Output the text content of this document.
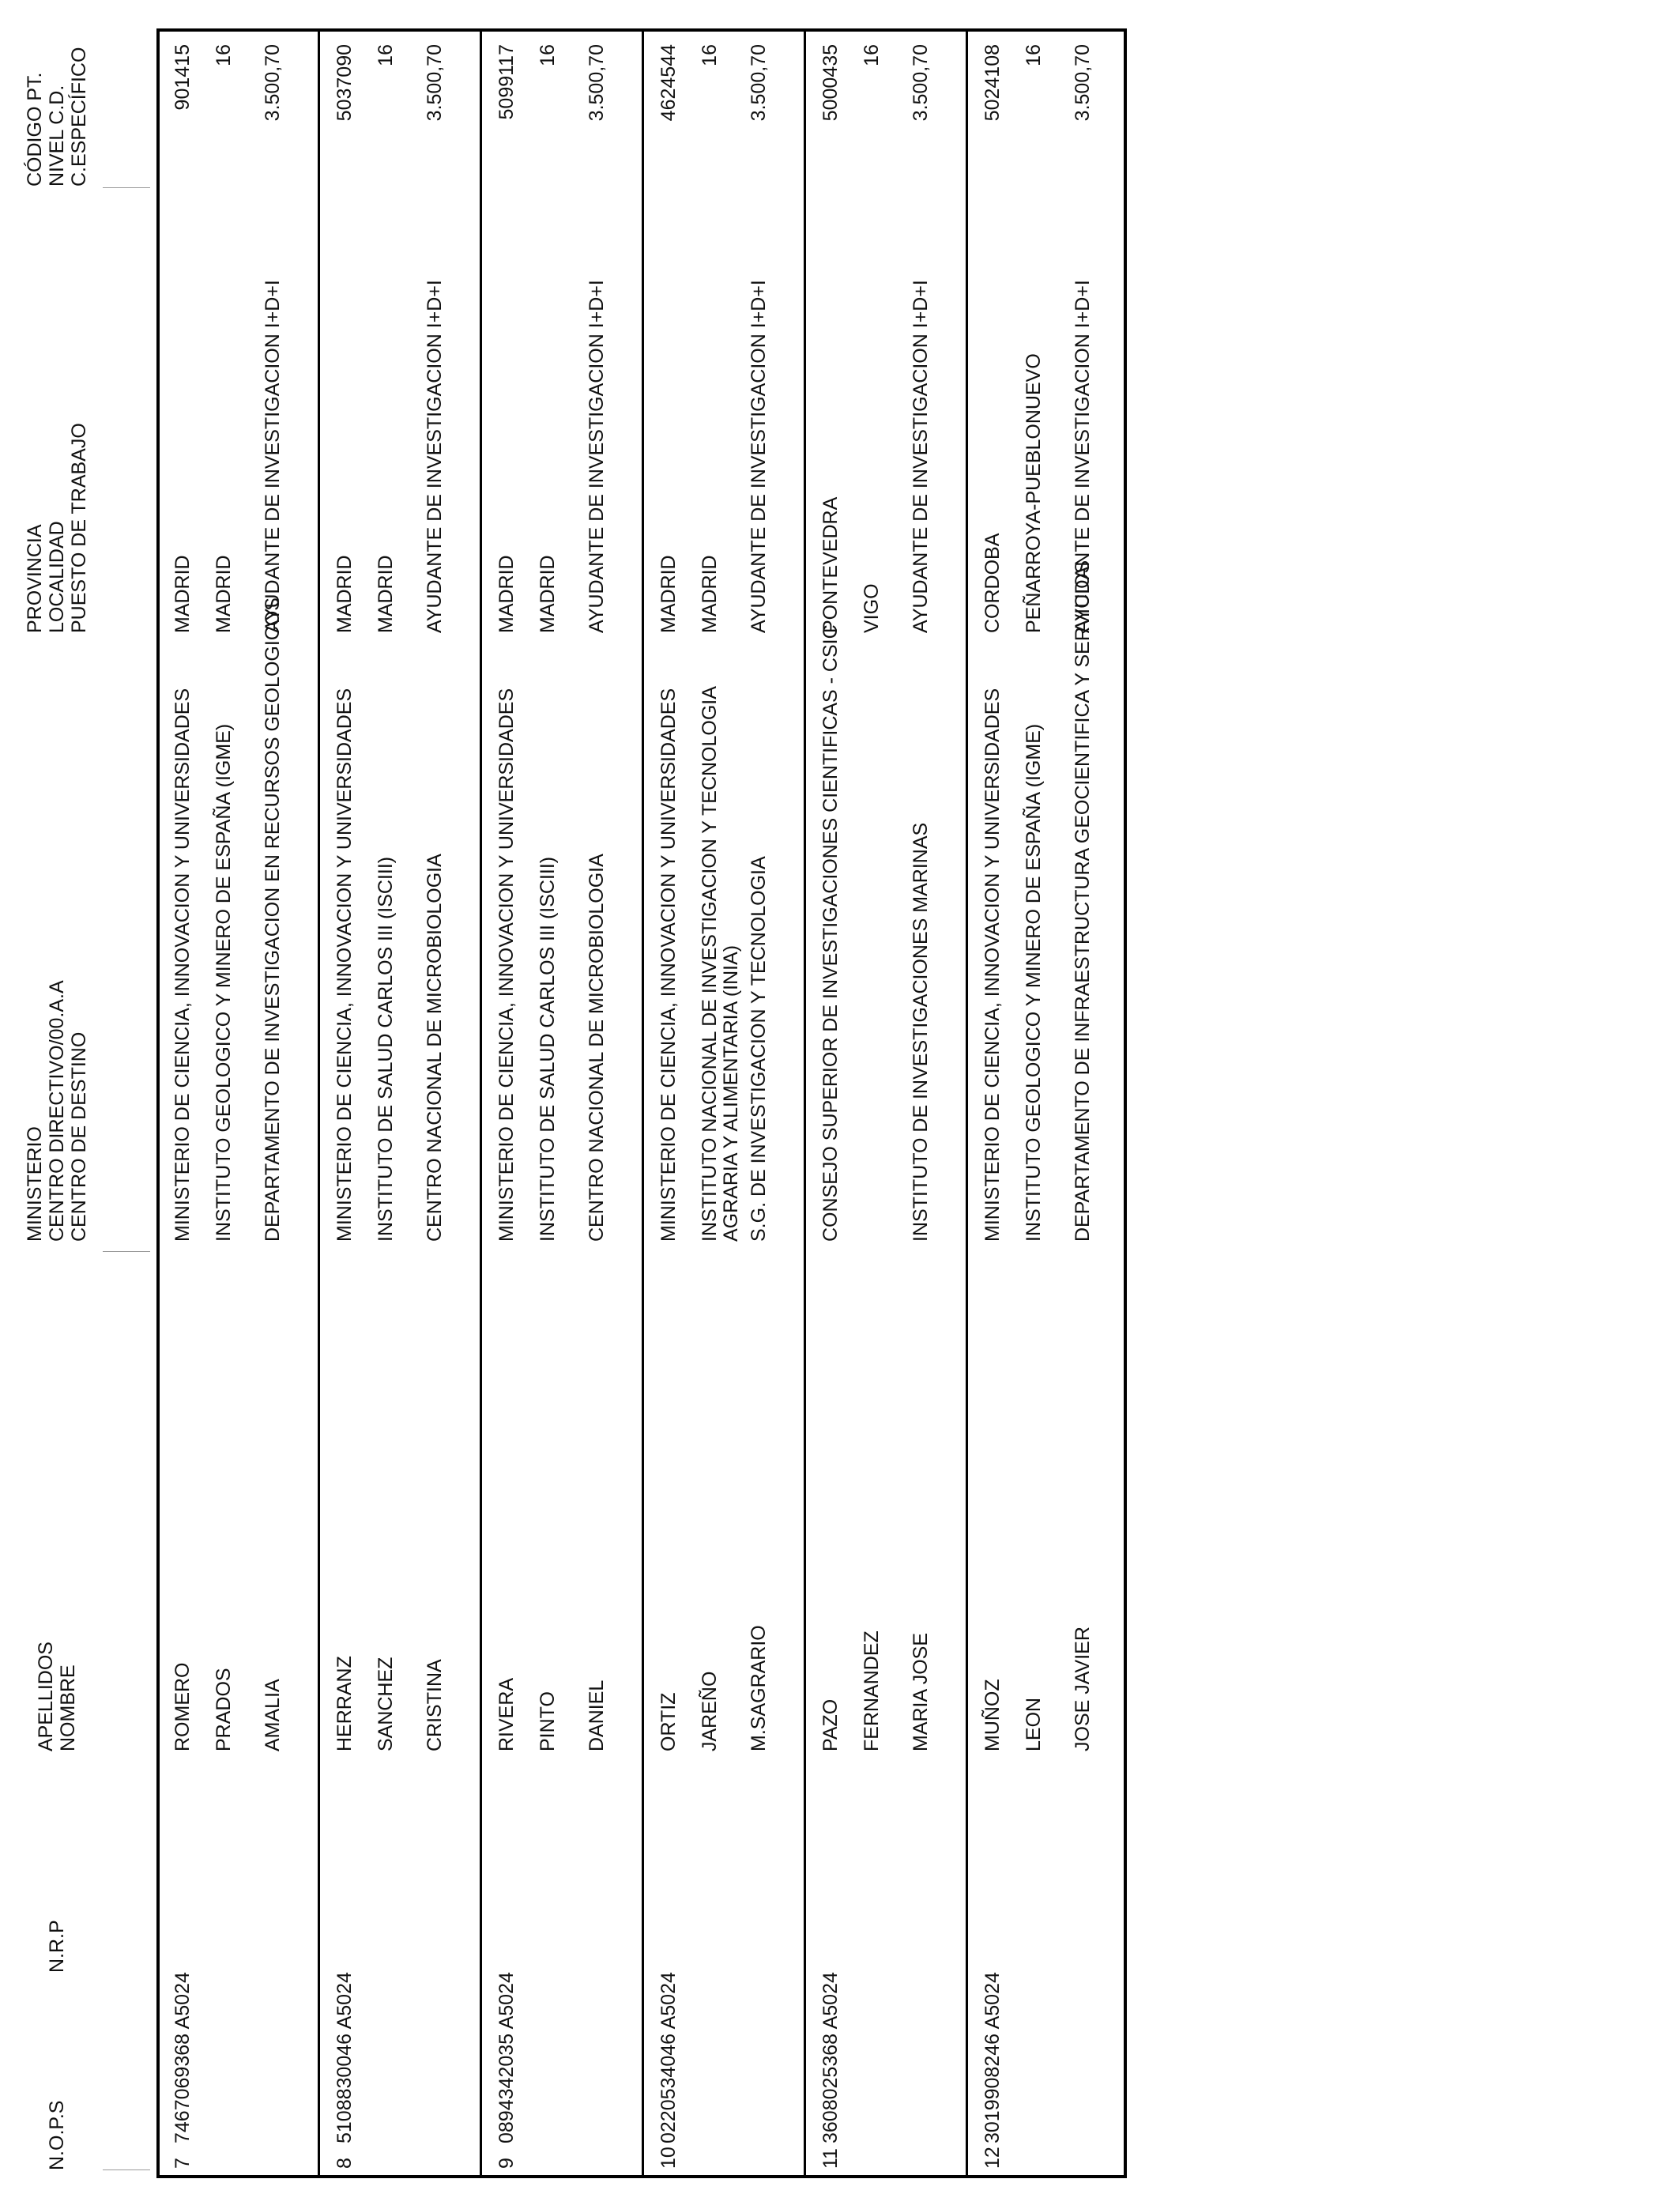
N.O.P.S
N.R.P
APELLIDOS NOMBRE
MINISTERIO CENTRO DIRECTIVO/00.A.A CENTRO DE DESTINO
PROVINCIA LOCALIDAD PUESTO DE TRABAJO
CÓDIGO PT. NIVEL C.D. C.ESPECÍFICO
7
7467069368 A5024
ROMERO PRADOS AMALIA
MINISTERIO DE CIENCIA, INNOVACION Y UNIVERSIDADES INSTITUTO GEOLOGICO Y MINERO DE ESPAÑA (IGME) DEPARTAMENTO DE INVESTIGACION EN RECURSOS GEOLOGICOS
MADRID MADRID AYUDANTE DE INVESTIGACION I+D+I
901415 16 3.500,70
8
5108830046 A5024
HERRANZ SANCHEZ CRISTINA
MINISTERIO DE CIENCIA, INNOVACION Y UNIVERSIDADES INSTITUTO DE SALUD CARLOS III (ISCIII) CENTRO NACIONAL DE MICROBIOLOGIA
MADRID MADRID AYUDANTE DE INVESTIGACION I+D+I
5037090 16 3.500,70
9
0894342035 A5024
RIVERA PINTO DANIEL
MINISTERIO DE CIENCIA, INNOVACION Y UNIVERSIDADES INSTITUTO DE SALUD CARLOS III (ISCIII) CENTRO NACIONAL DE MICROBIOLOGIA
MADRID MADRID AYUDANTE DE INVESTIGACION I+D+I
5099117 16 3.500,70
10
0220534046 A5024
ORTIZ JAREÑO M.SAGRARIO
MINISTERIO DE CIENCIA, INNOVACION Y UNIVERSIDADES INSTITUTO NACIONAL DE INVESTIGACION Y TECNOLOGIA AGRARIA Y ALIMENTARIA (INIA) S.G. DE INVESTIGACION Y TECNOLOGIA
MADRID MADRID AYUDANTE DE INVESTIGACION I+D+I
4624544 16 3.500,70
11
3608025368 A5024
PAZO FERNANDEZ MARIA JOSE
CONSEJO SUPERIOR DE INVESTIGACIONES CIENTIFICAS - CSIC	INSTITUTO DE INVESTIGACIONES MARINAS
PONTEVEDRA VIGO AYUDANTE DE INVESTIGACION I+D+I
5000435 16 3.500,70
12
3019908246 A5024
MUÑOZ LEON JOSE JAVIER
MINISTERIO DE CIENCIA, INNOVACION Y UNIVERSIDADES INSTITUTO GEOLOGICO Y MINERO DE ESPAÑA (IGME) DEPARTAMENTO DE INFRAESTRUCTURA GEOCIENTIFICA Y SERVICIOS
CORDOBA PEÑARROYA-PUEBLONUEVO AYUDANTE DE INVESTIGACION I+D+I
5024108 16 3.500,70
